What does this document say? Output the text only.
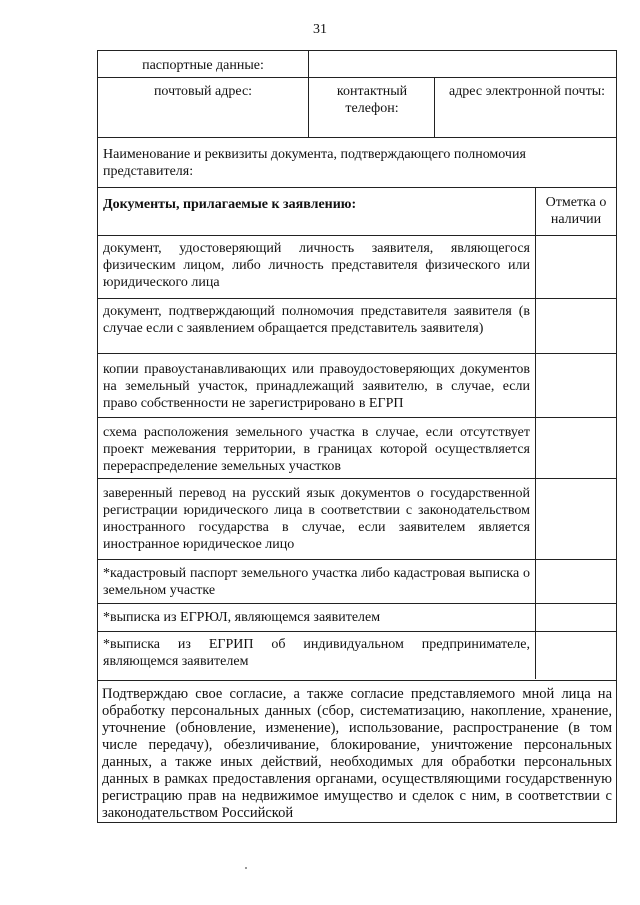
31
паспортные данные:
почтовый адрес:	контактный телефон:
адрес электронной почты:
Наименование и реквизиты документа, подтверждающего полномочия представителя:
Документы, прилагаемые к заявлению:	Отметка о наличии
документ, удостоверяющий личность заявителя, являющегося физическим лицом, либо личность представителя физического или юридического лица
документ, подтверждающий полномочия представителя заявителя (в случае если с заявлением обращается представитель заявителя)
копии правоустанавливающих или правоудостоверяющих документов на земельный участок, принадлежащий заявителю, в случае, если право собственности не зарегистрировано в ЕГРП
схема расположения земельного участка в случае, если отсутствует проект межевания территории, в границах которой осуществляется перераспределение земельных участков
заверенный перевод на русский язык документов о государственной регистрации юридического лица в соответствии с законодательством иностранного государства в случае, если заявителем является иностранное юридическое лицо
*кадастровый паспорт земельного участка либо кадастровая выписка о земельном участке
*выписка из ЕГРЮЛ, являющемся заявителем
*выписка из ЕГРИП об индивидуальном предпринимателе, являющемся заявителем
Подтверждаю свое согласие, а также согласие представляемого мной лица на обработку персональных данных (сбор, систематизацию, накопление, хранение, уточнение (обновление, изменение), использование, распространение (в том числе передачу), обезличивание, блокирование, уничтожение персональных данных, а также иных действий, необходимых для обработки персональных данных в рамках предоставления органами, осуществляющими государственную регистрацию прав на недвижимое имущество и сделок с ним, в соответствии с законодательством Российской
